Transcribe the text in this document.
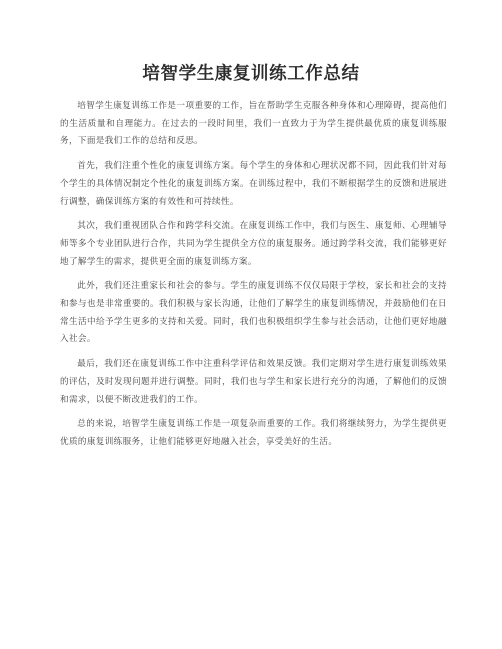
培智学生康复训练工作总结

培智学生康复训练工作是一项重要的工作，旨在帮助学生克服各种身体和心理障碍，提高他们的生活质量和自理能力。在过去的一段时间里，我们一直致力于为学生提供最优质的康复训练服务，下面是我们工作的总结和反思。

首先，我们注重个性化的康复训练方案。每个学生的身体和心理状况都不同，因此我们针对每个学生的具体情况制定个性化的康复训练方案。在训练过程中，我们不断根据学生的反馈和进展进行调整，确保训练方案的有效性和可持续性。

其次，我们重视团队合作和跨学科交流。在康复训练工作中，我们与医生、康复师、心理辅导师等多个专业团队进行合作，共同为学生提供全方位的康复服务。通过跨学科交流，我们能够更好地了解学生的需求，提供更全面的康复训练方案。

此外，我们还注重家长和社会的参与。学生的康复训练不仅仅局限于学校，家长和社会的支持和参与也是非常重要的。我们积极与家长沟通，让他们了解学生的康复训练情况，并鼓励他们在日常生活中给予学生更多的支持和关爱。同时，我们也积极组织学生参与社会活动，让他们更好地融入社会。

最后，我们还在康复训练工作中注重科学评估和效果反馈。我们定期对学生进行康复训练效果的评估，及时发现问题并进行调整。同时，我们也与学生和家长进行充分的沟通，了解他们的反馈和需求，以便不断改进我们的工作。

总的来说，培智学生康复训练工作是一项复杂而重要的工作。我们将继续努力，为学生提供更优质的康复训练服务，让他们能够更好地融入社会，享受美好的生活。
